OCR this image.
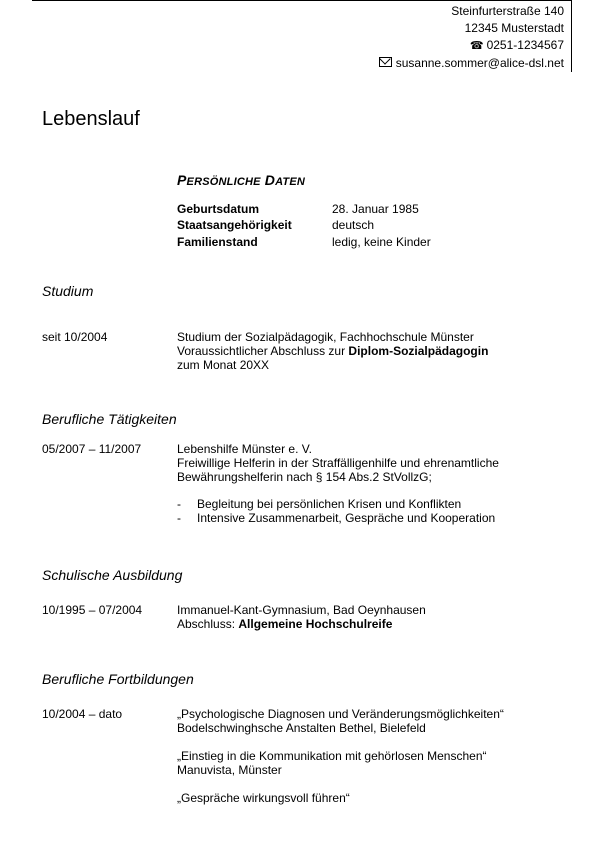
Steinfurterstraße 140
12345 Musterstadt
☎ 0251-1234567
susanne.sommer@alice-dsl.net
Lebenslauf
PERSÖNLICHE DATEN
Geburtsdatum	28. Januar 1985
Staatsangehörigkeit	deutsch
Familienstand	ledig, keine Kinder
Studium
seit 10/2004	Studium der Sozialpädagogik, Fachhochschule Münster
Voraussichtlicher Abschluss zur Diplom-Sozialpädagogin
zum Monat 20XX
Berufliche Tätigkeiten
05/2007 – 11/2007	Lebenshilfe Münster e. V.
Freiwillige Helferin in der Straffälligenhilfe und ehrenamtliche
Bewährungshelferin nach § 154 Abs.2 StVollzG;
- Begleitung bei persönlichen Krisen und Konflikten
- Intensive Zusammenarbeit, Gespräche und Kooperation
Schulische Ausbildung
10/1995 – 07/2004	Immanuel-Kant-Gymnasium, Bad Oeynhausen
Abschluss: Allgemeine Hochschulreife
Berufliche Fortbildungen
10/2004 – dato	„Psychologische Diagnosen und Veränderungsmöglichkeiten“
Bodelschwinghsche Anstalten Bethel, Bielefeld
„Einstieg in die Kommunikation mit gehörlosen Menschen“
Manuvista, Münster
„Gespräche wirkungsvoll führen“
